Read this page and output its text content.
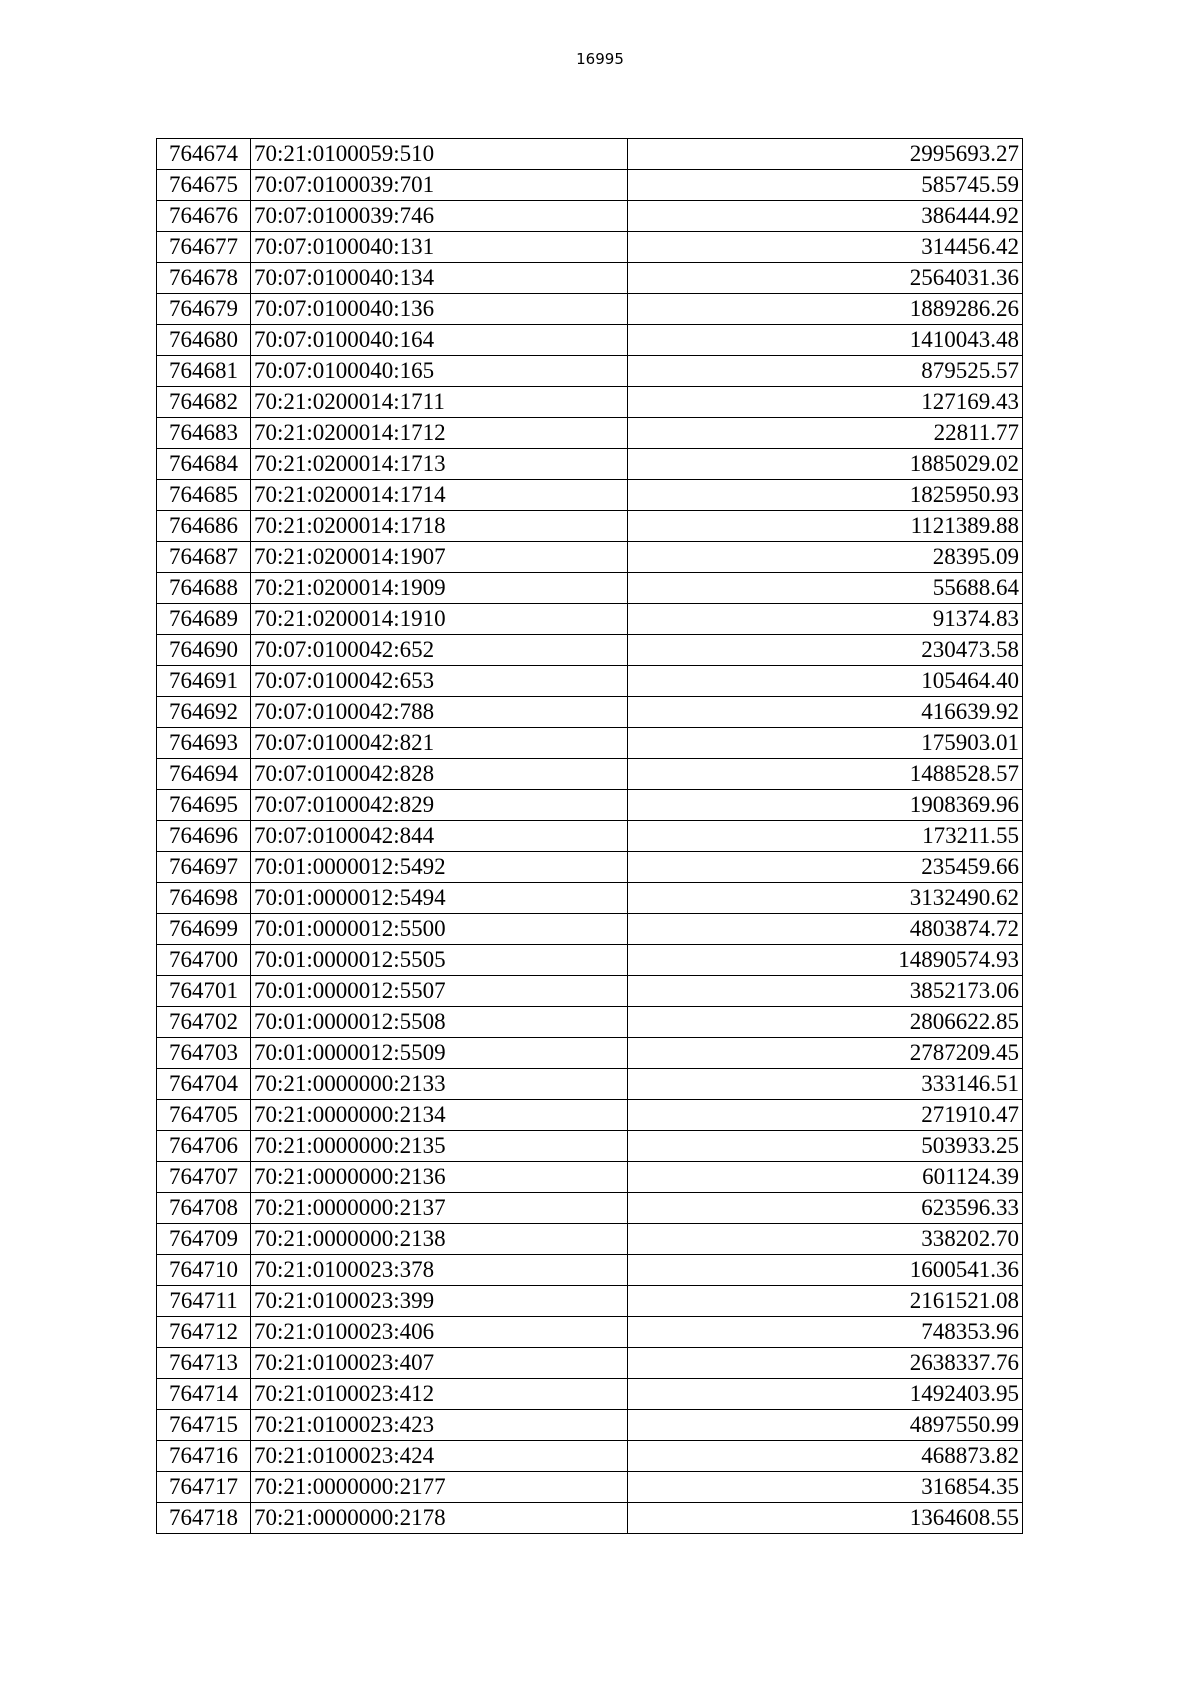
16995
764674	70:21:0100059:510	2995693.27
764675	70:07:0100039:701	585745.59
764676	70:07:0100039:746	386444.92
764677	70:07:0100040:131	314456.42
764678	70:07:0100040:134	2564031.36
764679	70:07:0100040:136	1889286.26
764680	70:07:0100040:164	1410043.48
764681	70:07:0100040:165	879525.57
764682	70:21:0200014:1711	127169.43
764683	70:21:0200014:1712	22811.77
764684	70:21:0200014:1713	1885029.02
764685	70:21:0200014:1714	1825950.93
764686	70:21:0200014:1718	1121389.88
764687	70:21:0200014:1907	28395.09
764688	70:21:0200014:1909	55688.64
764689	70:21:0200014:1910	91374.83
764690	70:07:0100042:652	230473.58
764691	70:07:0100042:653	105464.40
764692	70:07:0100042:788	416639.92
764693	70:07:0100042:821	175903.01
764694	70:07:0100042:828	1488528.57
764695	70:07:0100042:829	1908369.96
764696	70:07:0100042:844	173211.55
764697	70:01:0000012:5492	235459.66
764698	70:01:0000012:5494	3132490.62
764699	70:01:0000012:5500	4803874.72
764700	70:01:0000012:5505	14890574.93
764701	70:01:0000012:5507	3852173.06
764702	70:01:0000012:5508	2806622.85
764703	70:01:0000012:5509	2787209.45
764704	70:21:0000000:2133	333146.51
764705	70:21:0000000:2134	271910.47
764706	70:21:0000000:2135	503933.25
764707	70:21:0000000:2136	601124.39
764708	70:21:0000000:2137	623596.33
764709	70:21:0000000:2138	338202.70
764710	70:21:0100023:378	1600541.36
764711	70:21:0100023:399	2161521.08
764712	70:21:0100023:406	748353.96
764713	70:21:0100023:407	2638337.76
764714	70:21:0100023:412	1492403.95
764715	70:21:0100023:423	4897550.99
764716	70:21:0100023:424	468873.82
764717	70:21:0000000:2177	316854.35
764718	70:21:0000000:2178	1364608.55
